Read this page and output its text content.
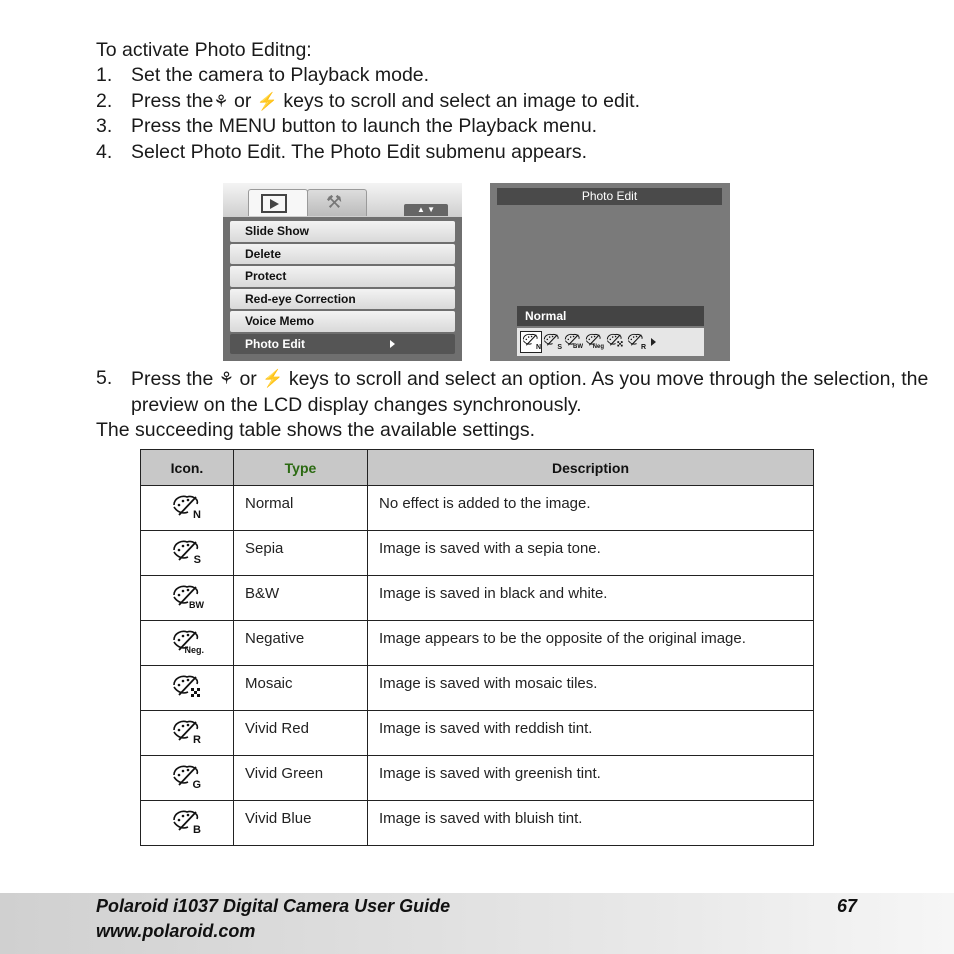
To activate Photo Editng:
1. Set the camera to Playback mode.
2. Press the ⚘ or ⚡ keys to scroll and select an image to edit.
3. Press the MENU button to launch the Playback menu.
4. Select Photo Edit. The Photo Edit submenu appears.
⚒	▲ ▼
Slide Show
Delete
Protect
Red-eye Correction
Voice Memo
Photo Edit
Photo Edit
Normal
N S BW Neg	R
5. Press the ⚘ or ⚡ keys to scroll and select an option. As you move through the selection, the preview on the LCD display changes synchronously.
The succeeding table shows the available settings.
Icon.	Type	Description

N	Normal	No effect is added to the image.

S	Sepia	Image is saved with a sepia tone.

BW	B&W	Image is saved in black and white.

Neg.	Negative	Image appears to be the opposite of the original image.
	Mosaic	Image is saved with mosaic tiles.

R	Vivid Red	Image is saved with reddish tint.

G	Vivid Green	Image is saved with greenish tint.

B	Vivid Blue	Image is saved with bluish tint.
Polaroid i1037 Digital Camera User Guide
www.polaroid.com
67
